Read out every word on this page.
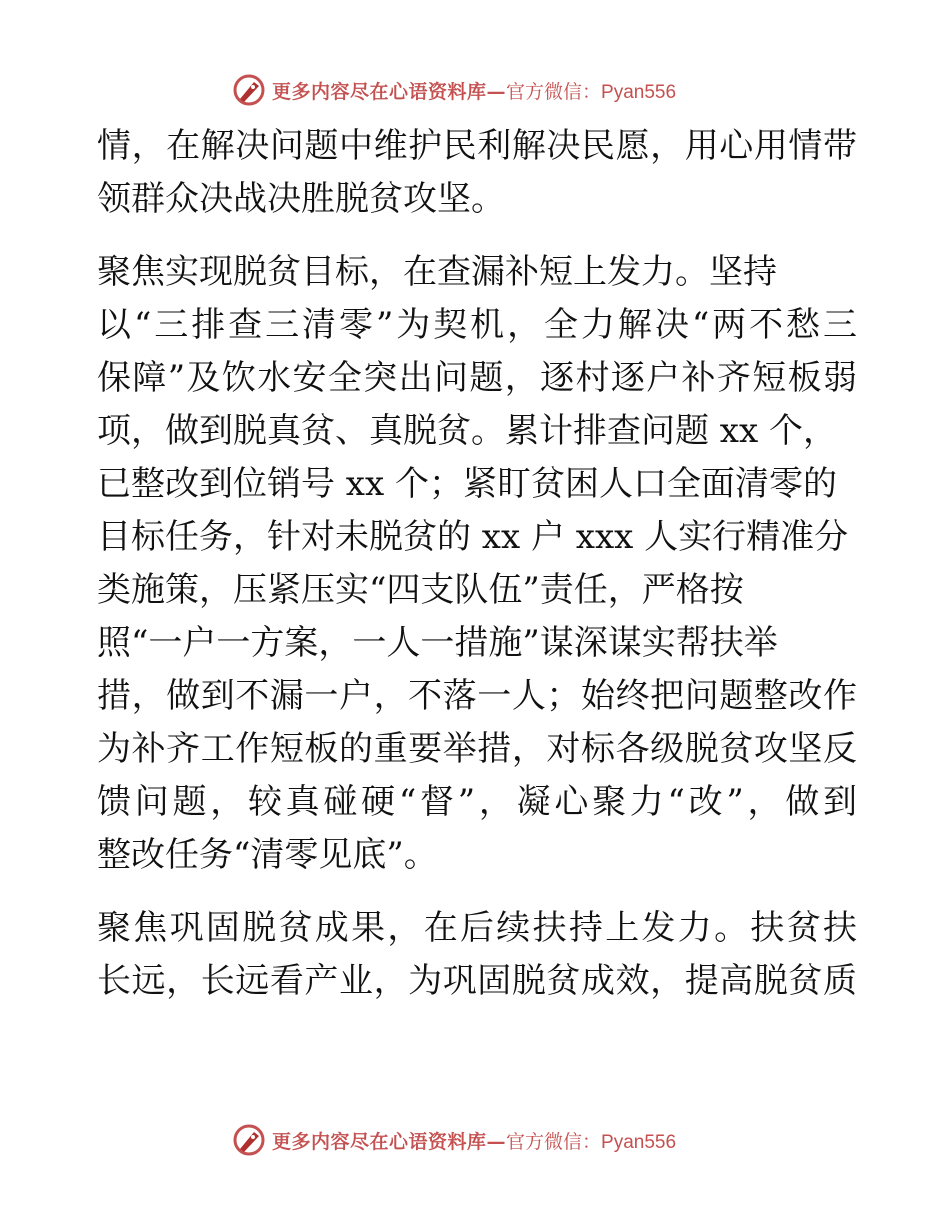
更多内容尽在心语资料库— 官方微信：Pyan556

情，在解决问题中维护民利解决民愿，用心用情带
领群众决战决胜脱贫攻坚。

聚焦实现脱贫目标，在查漏补短上发力。坚持
以“三排查三清零”为契机，全力解决“两不愁三
保障”及饮水安全突出问题，逐村逐户补齐短板弱
项，做到脱真贫、真脱贫。累计排查问题 xx 个，
已整改到位销号 xx 个；紧盯贫困人口全面清零的
目标任务，针对未脱贫的 xx 户 xxx 人实行精准分
类施策，压紧压实“四支队伍”责任，严格按
照“一户一方案，一人一措施”谋深谋实帮扶举
措，做到不漏一户，不落一人；始终把问题整改作
为补齐工作短板的重要举措，对标各级脱贫攻坚反
馈问题，较真碰硬“督”，凝心聚力“改”，做到
整改任务“清零见底”。

聚焦巩固脱贫成果，在后续扶持上发力。扶贫扶
长远，长远看产业，为巩固脱贫成效，提高脱贫质

更多内容尽在心语资料库— 官方微信：Pyan556
